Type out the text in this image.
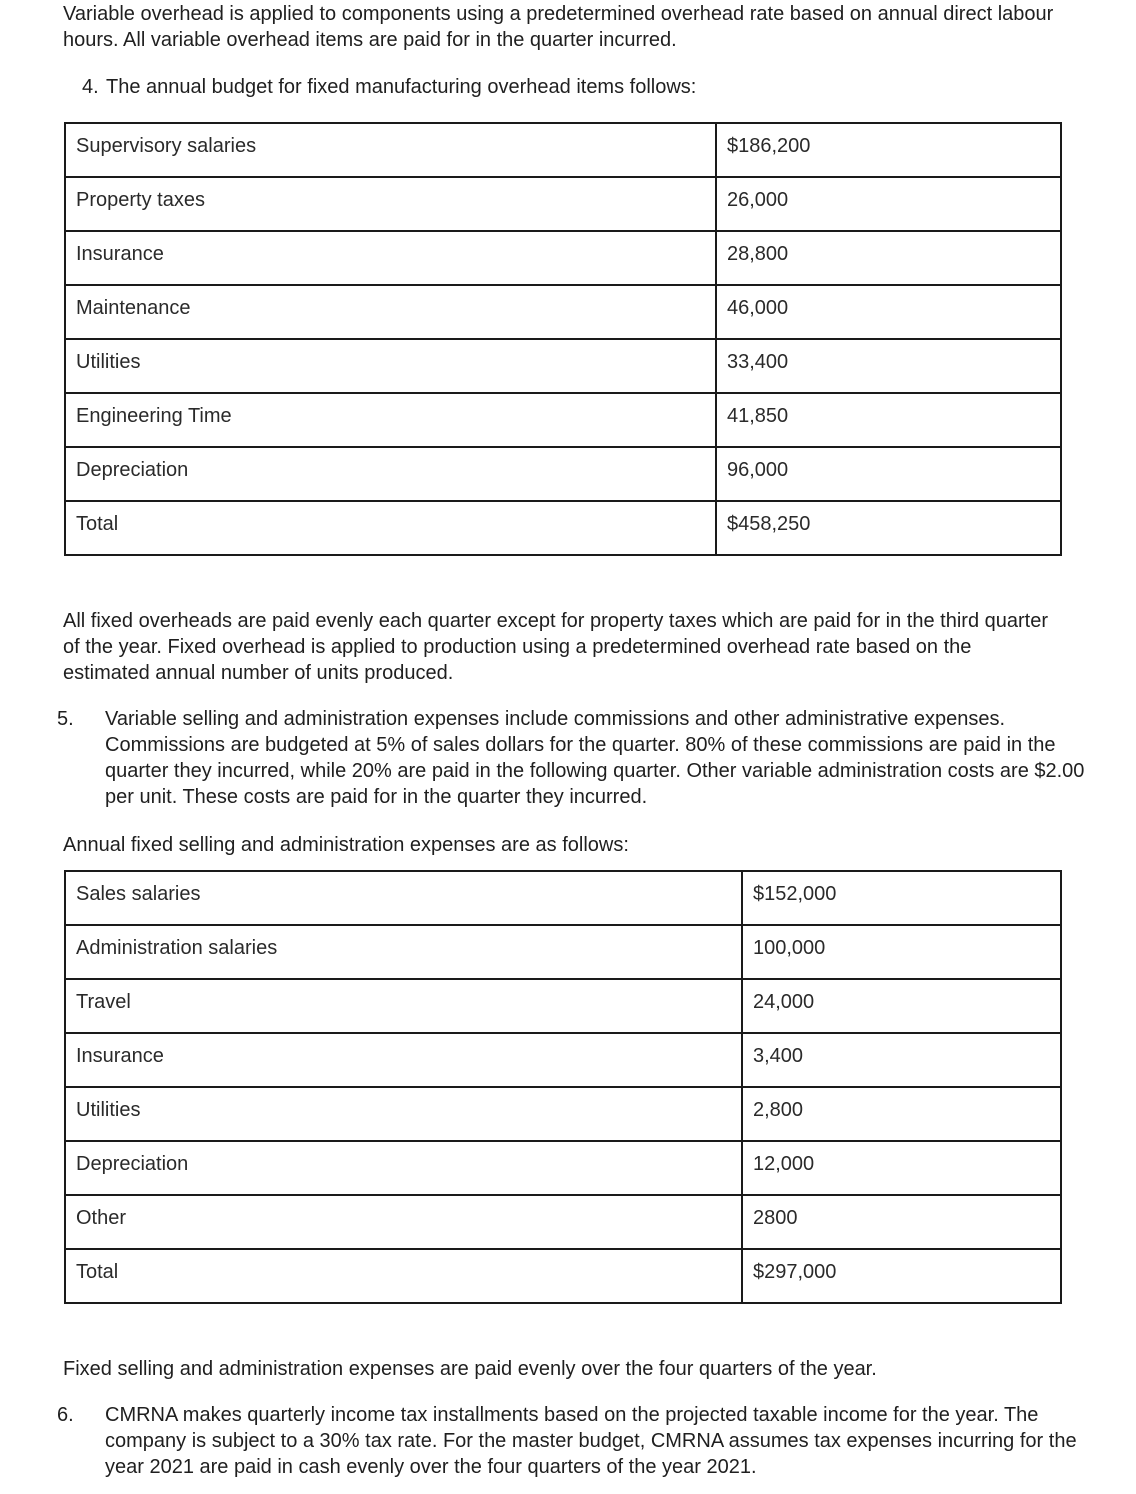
Variable overhead is applied to components using a predetermined overhead rate based on annual direct labour hours. All variable overhead items are paid for in the quarter incurred.

4. The annual budget for fixed manufacturing overhead items follows:

Supervisory salaries	$186,200
Property taxes	26,000
Insurance	28,800
Maintenance	46,000
Utilities	33,400
Engineering Time	41,850
Depreciation	96,000
Total	$458,250

All fixed overheads are paid evenly each quarter except for property taxes which are paid for in the third quarter of the year. Fixed overhead is applied to production using a predetermined overhead rate based on the estimated annual number of units produced.

5. Variable selling and administration expenses include commissions and other administrative expenses. Commissions are budgeted at 5% of sales dollars for the quarter. 80% of these commissions are paid in the quarter they incurred, while 20% are paid in the following quarter. Other variable administration costs are $2.00 per unit. These costs are paid for in the quarter they incurred.

Annual fixed selling and administration expenses are as follows:

Sales salaries	$152,000
Administration salaries	100,000
Travel	24,000
Insurance	3,400
Utilities	2,800
Depreciation	12,000
Other	2800
Total	$297,000

Fixed selling and administration expenses are paid evenly over the four quarters of the year.

6. CMRNA makes quarterly income tax installments based on the projected taxable income for the year. The company is subject to a 30% tax rate. For the master budget, CMRNA assumes tax expenses incurring for the year 2021 are paid in cash evenly over the four quarters of the year 2021.
